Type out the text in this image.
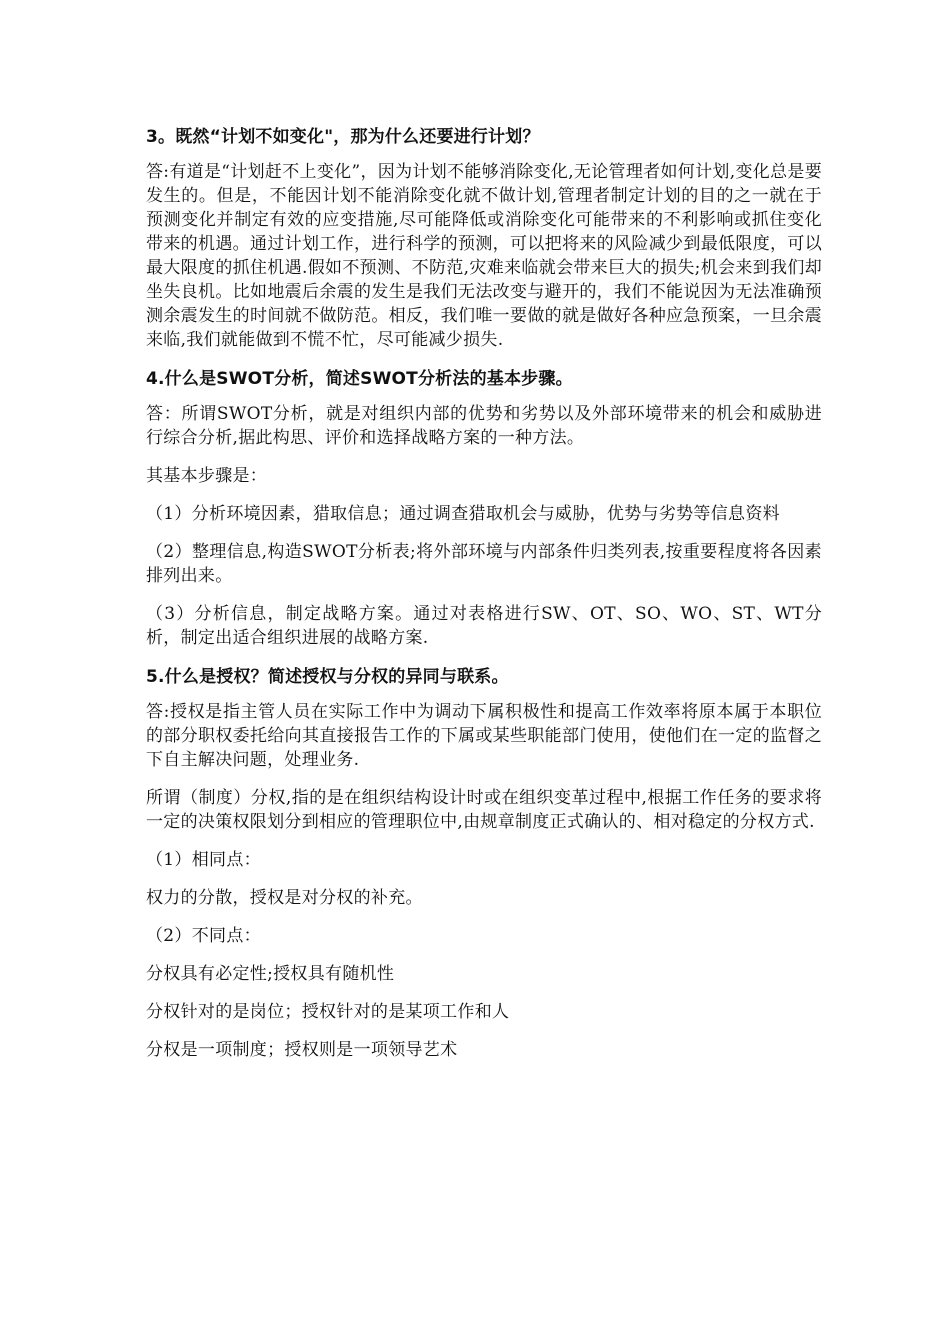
3。既然“计划不如变化"，那为什么还要进行计划？
答:有道是“计划赶不上变化”，因为计划不能够消除变化,无论管理者如何计划,变化总是要发生的。但是，不能因计划不能消除变化就不做计划,管理者制定计划的目的之一就在于预测变化并制定有效的应变措施,尽可能降低或消除变化可能带来的不利影响或抓住变化带来的机遇。通过计划工作，进行科学的预测，可以把将来的风险减少到最低限度，可以最大限度的抓住机遇.假如不预测、不防范,灾难来临就会带来巨大的损失;机会来到我们却坐失良机。比如地震后余震的发生是我们无法改变与避开的，我们不能说因为无法准确预测余震发生的时间就不做防范。相反，我们唯一要做的就是做好各种应急预案，一旦余震来临,我们就能做到不慌不忙，尽可能减少损失.
4.什么是SWOT分析，简述SWOT分析法的基本步骤。
答：所谓SWOT分析，就是对组织内部的优势和劣势以及外部环境带来的机会和威胁进行综合分析,据此构思、评价和选择战略方案的一种方法。
其基本步骤是：
（1）分析环境因素，猎取信息；通过调查猎取机会与威胁，优势与劣势等信息资料
（2）整理信息,构造SWOT分析表;将外部环境与内部条件归类列表,按重要程度将各因素排列出来。
（3）分析信息，制定战略方案。通过对表格进行SW、OT、SO、WO、ST、WT分析，制定出适合组织进展的战略方案.
5.什么是授权？简述授权与分权的异同与联系。
答:授权是指主管人员在实际工作中为调动下属积极性和提高工作效率将原本属于本职位的部分职权委托给向其直接报告工作的下属或某些职能部门使用，使他们在一定的监督之下自主解决问题，处理业务.
所谓（制度）分权,指的是在组织结构设计时或在组织变革过程中,根据工作任务的要求将一定的决策权限划分到相应的管理职位中,由规章制度正式确认的、相对稳定的分权方式.
（1）相同点：
权力的分散，授权是对分权的补充。
（2）不同点：
分权具有必定性;授权具有随机性
分权针对的是岗位；授权针对的是某项工作和人
分权是一项制度；授权则是一项领导艺术
